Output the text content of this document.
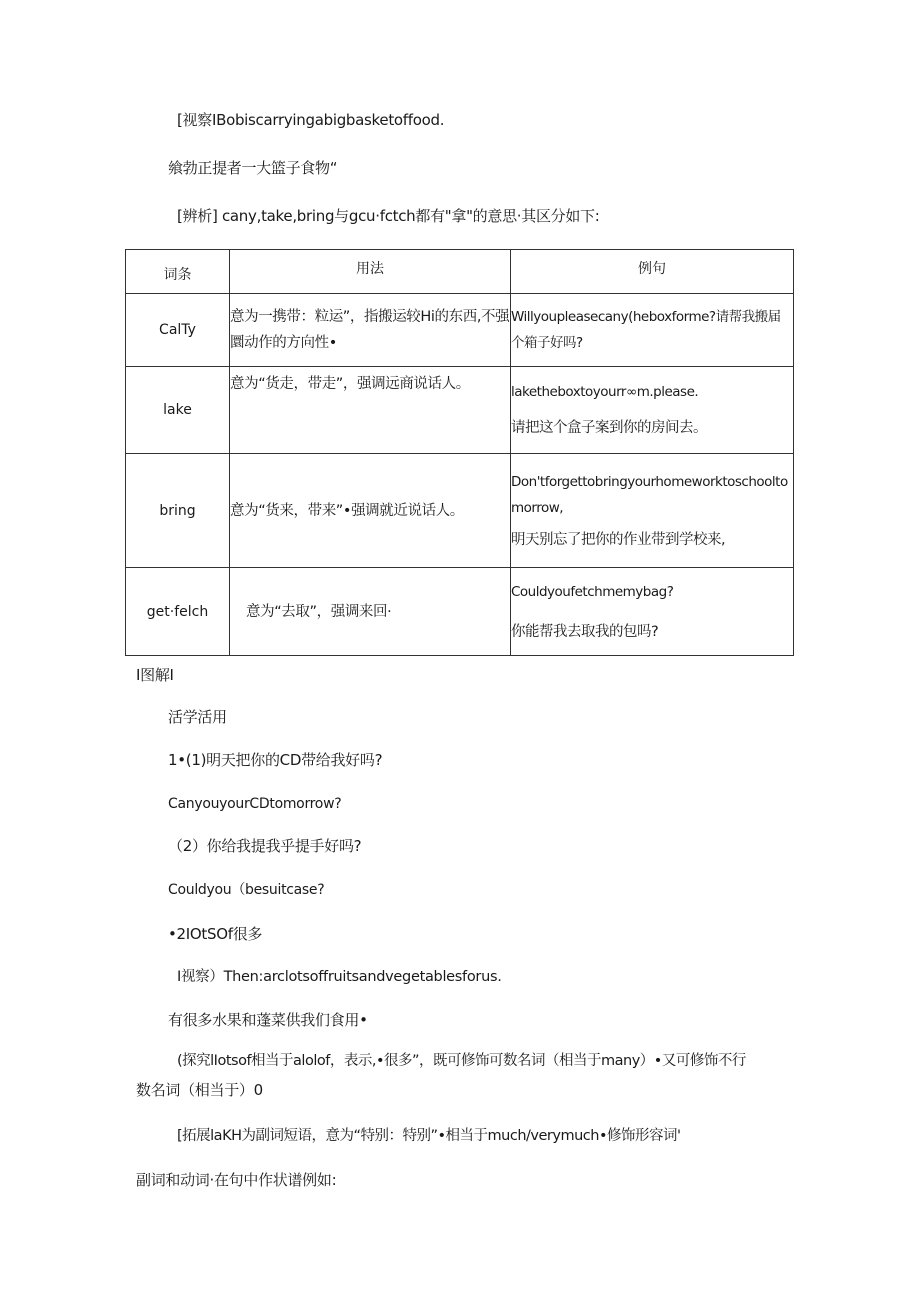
[视察IBobiscarryingabigbasketoffood.
飨勃正提者一大篮子食物“
[辨析] cany,take,bring与gcu·fctch都有"拿"的意思·其区分如下:
词条	用法	例句
CalTy	意为一携带：粒运”，指搬运较Hi的东西,不强圜动作的方向性•	Willyoupleasecany(heboxforme?请帮我搬届个箱子好吗?

lake	意为“货走，带走”，强调远商说话人。	laketheboxtoyourr∞m.please.
请把这个盒子案到你的房间去。

bring	意为“货来，带来”•强调就近说话人。	Don'tforgettobringyourhomeworktoschooltomorrow,
明天别忘了把你的作业带到学校来,

get·felch	意为“去取”，强调来回·	Couldyoufetchmemybag?
你能帮我去取我的包吗?
I图解I
活学活用
1•(1)明天把你的CD带给我好吗?
CanyouyourCDtomorrow?
（2）你给我提我乎提手好吗?
Couldyou（besuitcase?
•2IOtSOf很多
I视察）Then:arclotsoffruitsandvegetablesforus.
有很多水果和蓬菜供我们食用•
(探究lIotsof相当于alolof，表示,•很多”，既可修饰可数名词（相当于many）•又可修饰不行
数名词（相当于）0
[拓展laKH为副词短语，意为“特别：特别”•相当于much/verymuch•修饰形容词'
副词和动词·在句中作状谱例如:
